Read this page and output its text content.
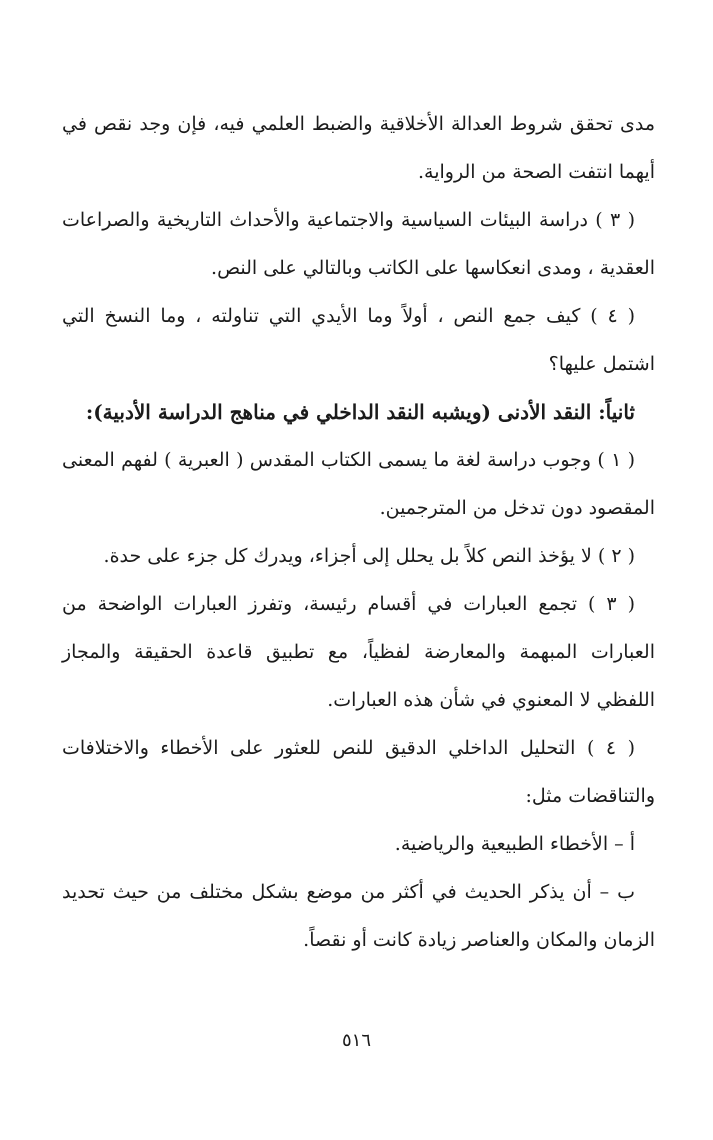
مدى تحقق شروط العدالة الأخلاقية والضبط العلمي فيه، فإن وجد نقص في أيهما انتفت الصحة من الرواية.

( ٣ ) دراسة البيئات السياسية والاجتماعية والأحداث التاريخية والصراعات العقدية ، ومدى انعكاسها على الكاتب وبالتالي على النص.

( ٤ ) كيف جمع النص ، أولاً وما الأيدي التي تناولته ، وما النسخ التي اشتمل عليها؟

ثانياً: النقد الأدنى (ويشبه النقد الداخلي في مناهج الدراسة الأدبية):

( ١ ) وجوب دراسة لغة ما يسمى الكتاب المقدس ( العبرية ) لفهم المعنى المقصود دون تدخل من المترجمين.

( ٢ ) لا يؤخذ النص كلاً بل يحلل إلى أجزاء، ويدرك كل جزء على حدة.

( ٣ ) تجمع العبارات في أقسام رئيسة، وتفرز العبارات الواضحة من العبارات المبهمة والمعارضة لفظياً، مع تطبيق قاعدة الحقيقة والمجاز اللفظي لا المعنوي في شأن هذه العبارات.

( ٤ ) التحليل الداخلي الدقيق للنص للعثور على الأخطاء والاختلافات والتناقضات مثل:

أ – الأخطاء الطبيعية والرياضية.

ب – أن يذكر الحديث في أكثر من موضع بشكل مختلف من حيث تحديد الزمان والمكان والعناصر زيادة كانت أو نقصاً.

٥١٦
